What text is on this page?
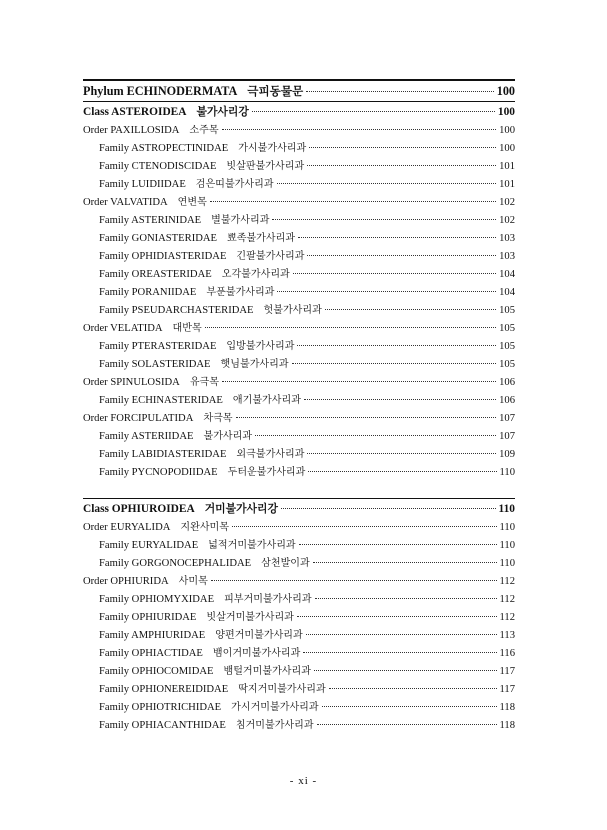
Phylum ECHINODERMATA 극피동물문	100
Class ASTEROIDEA 불가사리강	100
Order PAXILLOSIDA 소주목	100
Family ASTROPECTINIDAE 가시불가사리과	100
Family CTENODISCIDAE 빗살판불가사리과	101
Family LUIDIIDAE 검은띠불가사리과	101
Order VALVATIDA 연변목	102
Family ASTERINIDAE 별불가사리과	102
Family GONIASTERIDAE 뾰족불가사리과	103
Family OPHIDIASTERIDAE 긴팔불가사리과	103
Family OREASTERIDAE 오각불가사리과	104
Family PORANIIDAE 부푼불가사리과	104
Family PSEUDARCHASTERIDAE 헛불가사리과	105
Order VELATIDA 대반목	105
Family PTERASTERIDAE 입방불가사리과	105
Family SOLASTERIDAE 햇님불가사리과	105
Order SPINULOSIDA 유극목	106
Family ECHINASTERIDAE 애기불가사리과	106
Order FORCIPULATIDA 차극목	107
Family ASTERIIDAE 불가사리과	107
Family LABIDIASTERIDAE 외극불가사리과	109
Family PYCNOPODIIDAE 두터운불가사리과	110
Class OPHIUROIDEA 거미불가사리강	110
Order EURYALIDA 지완사미목	110
Family EURYALIDAE 넓적거미불가사리과	110
Family GORGONOCEPHALIDAE 삼천발이과	110
Order OPHIURIDA 사미목	112
Family OPHIOMYXIDAE 피부거미불가사리과	112
Family OPHIURIDAE 빗살거미불가사리과	112
Family AMPHIURIDAE 양편거미불가사리과	113
Family OPHIACTIDAE 뱀이거미불가사리과	116
Family OPHIOCOMIDAE 뱀털거미불가사리과	117
Family OPHIONEREIDIDAE 딱지거미불가사리과	117
Family OPHIOTRICHIDAE 가시거미불가사리과	118
Family OPHIACANTHIDAE 침거미불가사리과	118
- xi -
